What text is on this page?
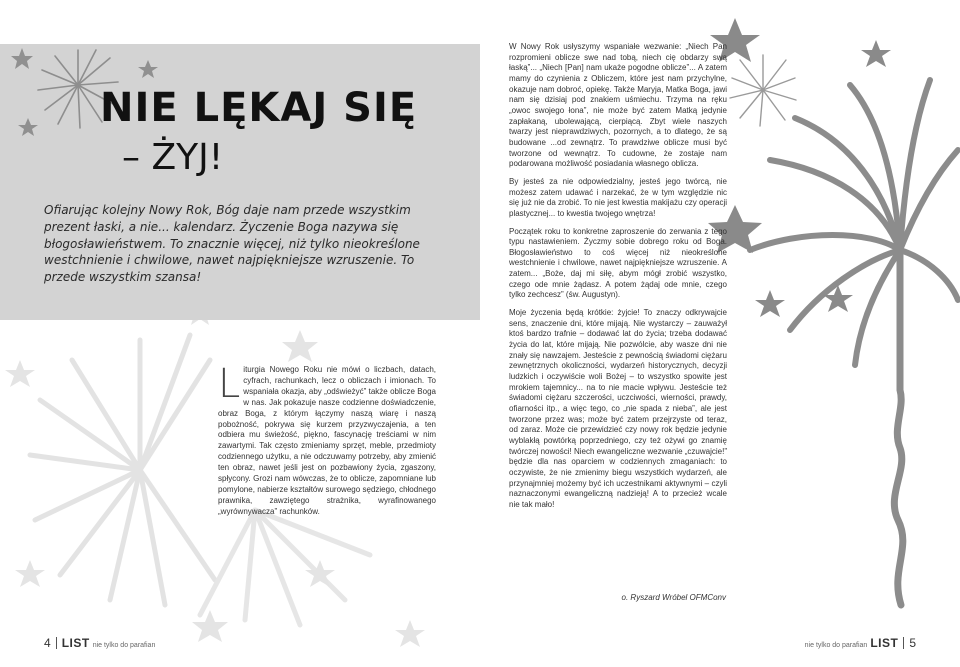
NIE LĘKAJ SIĘ
– ŻYJ!

Ofiarując kolejny Nowy Rok, Bóg daje nam przede wszystkim prezent łaski, a nie... kalendarz. Życzenie Boga nazywa się błogosławieństwem. To znacznie więcej, niż tylko nieokreślone westchnienie i chwilowe, nawet najpiękniejsze wzruszenie. To przede wszystkim szansa!

Liturgia Nowego Roku nie mówi o liczbach, datach, cyfrach, rachunkach, lecz o obliczach i imionach. To wspaniała okazja, aby „odświeżyć” także oblicze Boga w nas. Jak pokazuje nasze codzienne doświadczenie, obraz Boga, z którym łączymy naszą wiarę i naszą pobożność, pokrywa się kurzem przyzwyczajenia, a ten odbiera mu świeżość, piękno, fascynację treściami w nim zawartymi. Tak często zmieniamy sprzęt, meble, przedmioty codziennego użytku, a nie odczuwamy potrzeby, aby zmienić ten obraz, nawet jeśli jest on pozbawiony życia, zgaszony, spłycony. Grozi nam wówczas, że to oblicze, zapomniane lub pomylone, nabierze kształtów surowego sędziego, chłodnego prawnika, zawziętego strażnika, wyrafinowanego „wyrównywacza” rachunków.

W Nowy Rok usłyszymy wspaniałe wezwanie: „Niech Pan rozpromieni oblicze swe nad tobą, niech cię obdarzy swą łaską”... „Niech [Pan] nam ukaże pogodne oblicze”... A zatem mamy do czynienia z Obliczem, które jest nam przychylne, okazuje nam dobroć, opiekę. Także Maryja, Matka Boga, jawi nam się dzisiaj pod znakiem uśmiechu. Trzyma na ręku „owoc swojego łona”, nie może być zatem Matką jedynie zapłakaną, ubolewającą, cierpiącą. Zbyt wiele naszych twarzy jest nieprawdziwych, pozornych, a to dlatego, że są budowane ...od zewnątrz. To prawdziwe oblicze musi być tworzone od wewnątrz. To cudowne, że zostaje nam podarowana możliwość posiadania własnego oblicza.

By jesteś za nie odpowiedzialny, jesteś jego twórcą, nie możesz zatem udawać i narzekać, że w tym względzie nic się już nie da zrobić. To nie jest kwestia makijażu czy operacji plastycznej... to kwestia twojego wnętrza!

Początek roku to konkretne zaproszenie do zerwania z tego typu nastawieniem. Życzmy sobie dobrego roku od Boga. Błogosławieństwo to coś więcej niż nieokreślone westchnienie i chwilowe, nawet najpiękniejsze wzruszenie. A zatem... „Boże, daj mi siłę, abym mógł zrobić wszystko, czego ode mnie żądasz. A potem żądaj ode mnie, czego tylko zechcesz” (św. Augustyn).

Moje życzenia będą krótkie: żyjcie! To znaczy odkrywajcie sens, znaczenie dni, które mijają. Nie wystarczy – zauważył ktoś bardzo trafnie – dodawać lat do życia; trzeba dodawać życia do lat, które mijają. Nie pozwólcie, aby wasze dni nie znały się nawzajem. Jesteście z pewnością świadomi ciężaru zewnętrznych okoliczności, wydarzeń historycznych, decyzji ludzkich i oczywiście woli Bożej – to wszystko spowite jest mrokiem tajemnicy... na to nie macie wpływu. Jesteście też świadomi ciężaru szczerości, uczciwości, wierności, prawdy, ofiarności itp., a więc tego, co „nie spada z nieba”, ale jest tworzone przez was; może być zatem przejrzyste od teraz, od zaraz. Może cie przewidzieć czy nowy rok będzie jedynie wyblakłą powtórką poprzedniego, czy też ożywi go znamię twórczej nowości! Niech ewangeliczne wezwanie „czuwajcie!” będzie dla nas oparciem w codziennych zmaganiach: to oczywiste, że nie zmienimy biegu wszystkich wydarzeń, ale przynajmniej możemy być ich uczestnikami aktywnymi – czyli naznaczonymi ewangeliczną nadzieją! A to przecież wcale nie tak mało!

o. Ryszard Wróbel OFMConv

4 LIST nie tylko do parafian	nie tylko do parafian LIST 5
